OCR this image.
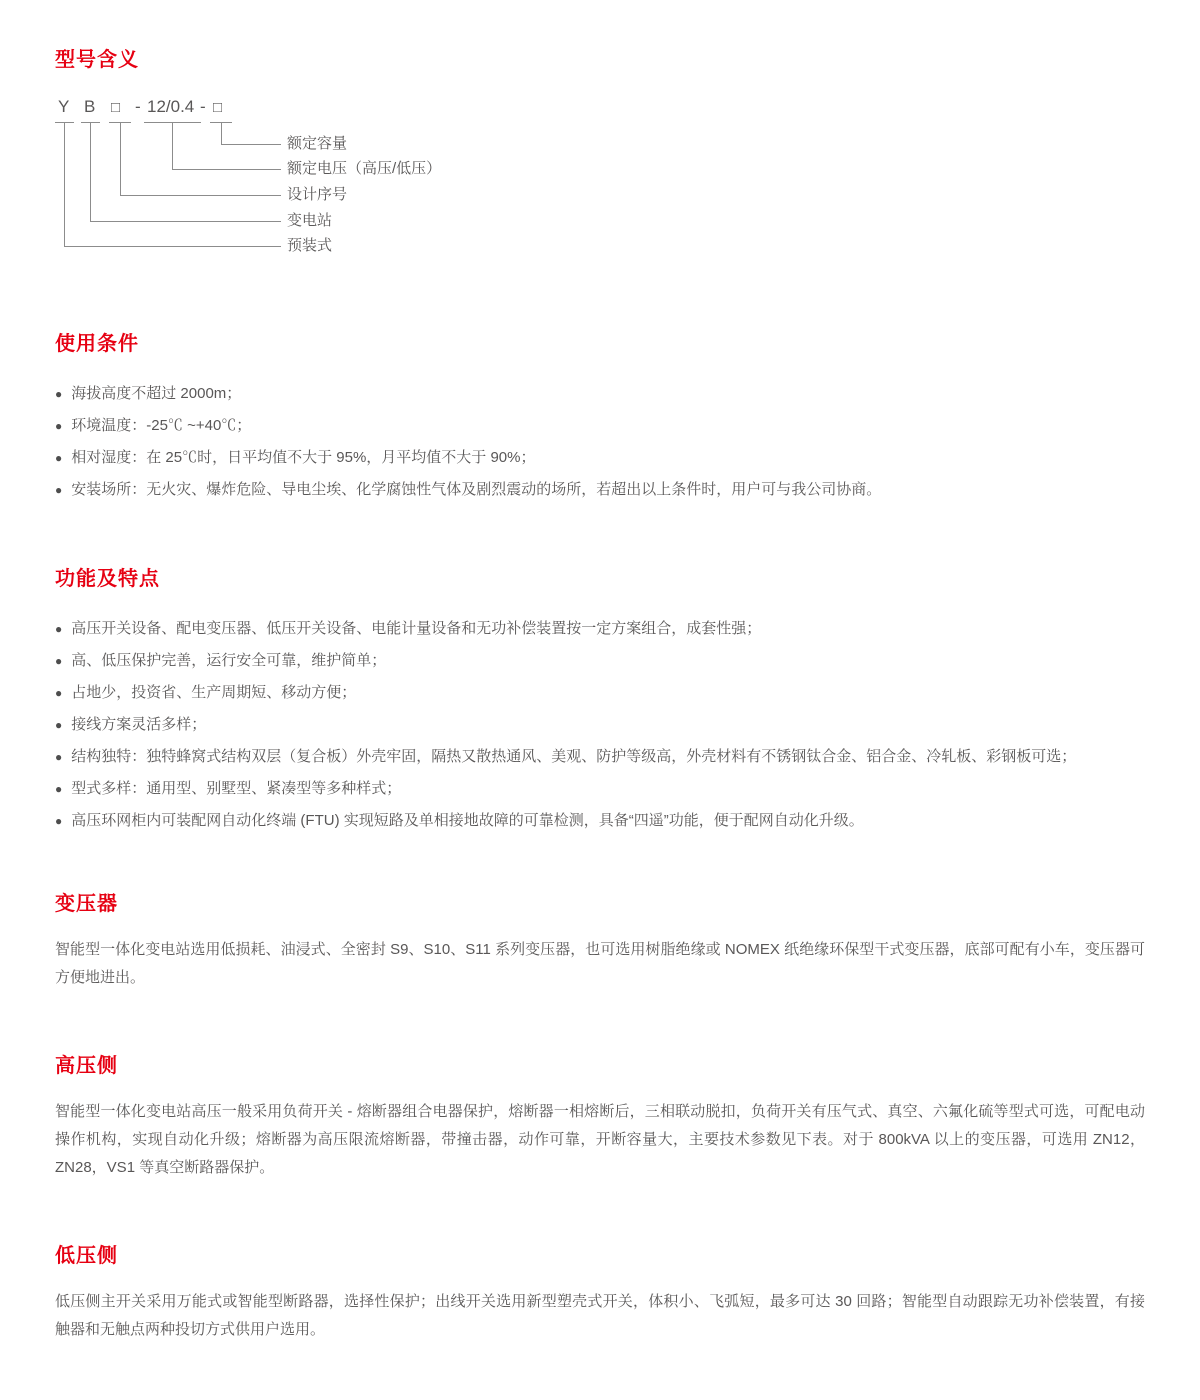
型号含义
Y B □ - 12/0.4 - □
额定容量
额定电压（高压/低压）
设计序号
变电站
预装式
使用条件
● 海拔高度不超过 2000m；
● 环境温度：-25℃ ~+40℃；
● 相对湿度：在 25℃时，日平均值不大于 95%，月平均值不大于 90%；
● 安装场所：无火灾、爆炸危险、导电尘埃、化学腐蚀性气体及剧烈震动的场所，若超出以上条件时，用户可与我公司协商。
功能及特点
● 高压开关设备、配电变压器、低压开关设备、电能计量设备和无功补偿装置按一定方案组合，成套性强；
● 高、低压保护完善，运行安全可靠，维护简单；
● 占地少，投资省、生产周期短、移动方便；
● 接线方案灵活多样；
● 结构独特：独特蜂窝式结构双层（复合板）外壳牢固，隔热又散热通风、美观、防护等级高，外壳材料有不锈钢钛合金、铝合金、冷轧板、彩钢板可选；
● 型式多样：通用型、别墅型、紧凑型等多种样式；
● 高压环网柜内可装配网自动化终端 (FTU) 实现短路及单相接地故障的可靠检测，具备“四遥”功能，便于配网自动化升级。
变压器

智能型一体化变电站选用低损耗、油浸式、全密封 S9、S10、S11 系列变压器，也可选用树脂绝缘或 NOMEX 纸绝缘环保型干式变压器，底部可配有小车，变压器可方便地进出。

高压侧

智能型一体化变电站高压一般采用负荷开关 - 熔断器组合电器保护，熔断器一相熔断后，三相联动脱扣，负荷开关有压气式、真空、六氟化硫等型式可选，可配电动操作机构，实现自动化升级；熔断器为高压限流熔断器，带撞击器，动作可靠，开断容量大，主要技术参数见下表。对于 800kVA 以上的变压器，可选用 ZN12， ZN28，VS1 等真空断路器保护。

低压侧

低压侧主开关采用万能式或智能型断路器，选择性保护；出线开关选用新型塑壳式开关，体积小、飞弧短，最多可达 30 回路；智能型自动跟踪无功补偿装置，有接触器和无触点两种投切方式供用户选用。
